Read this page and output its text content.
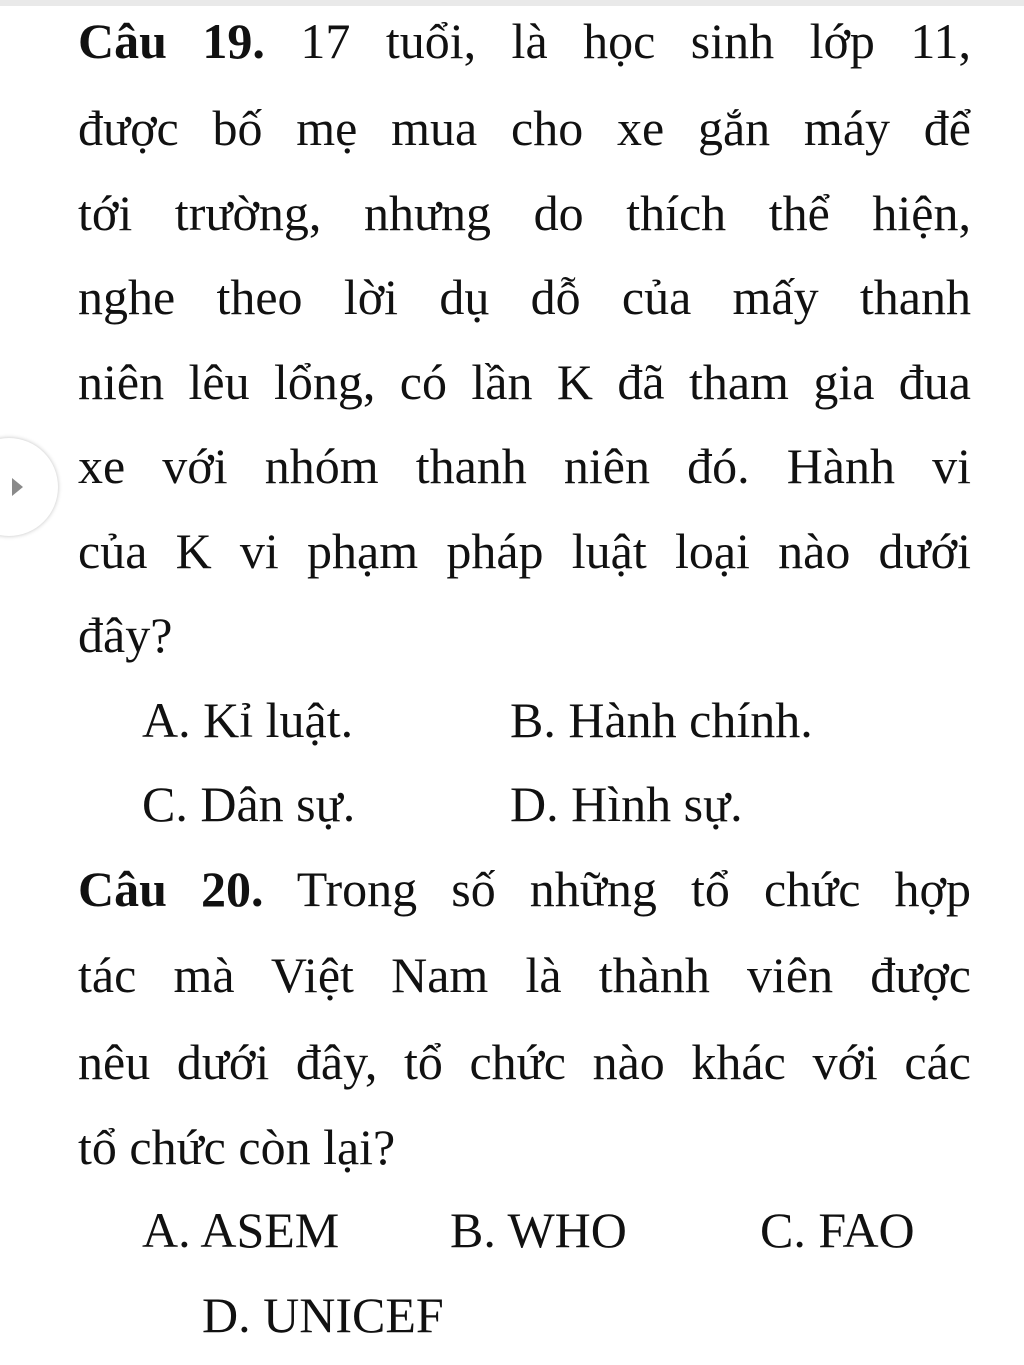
Câu 19. 17 tuổi, là học sinh lớp 11,
được bố mẹ mua cho xe gắn máy để
tới trường, nhưng do thích thể hiện,
nghe theo lời dụ dỗ của mấy thanh
niên lêu lổng, có lần K đã tham gia đua
xe với nhóm thanh niên đó. Hành vi
của K vi phạm pháp luật loại nào dưới
đây?
A. Kỉ luật.	B. Hành chính.
C. Dân sự.	D. Hình sự.
Câu 20. Trong số những tổ chức hợp
tác mà Việt Nam là thành viên được
nêu dưới đây, tổ chức nào khác với các
tổ chức còn lại?
A. ASEM B. WHO	C. FAO
D. UNICEF
